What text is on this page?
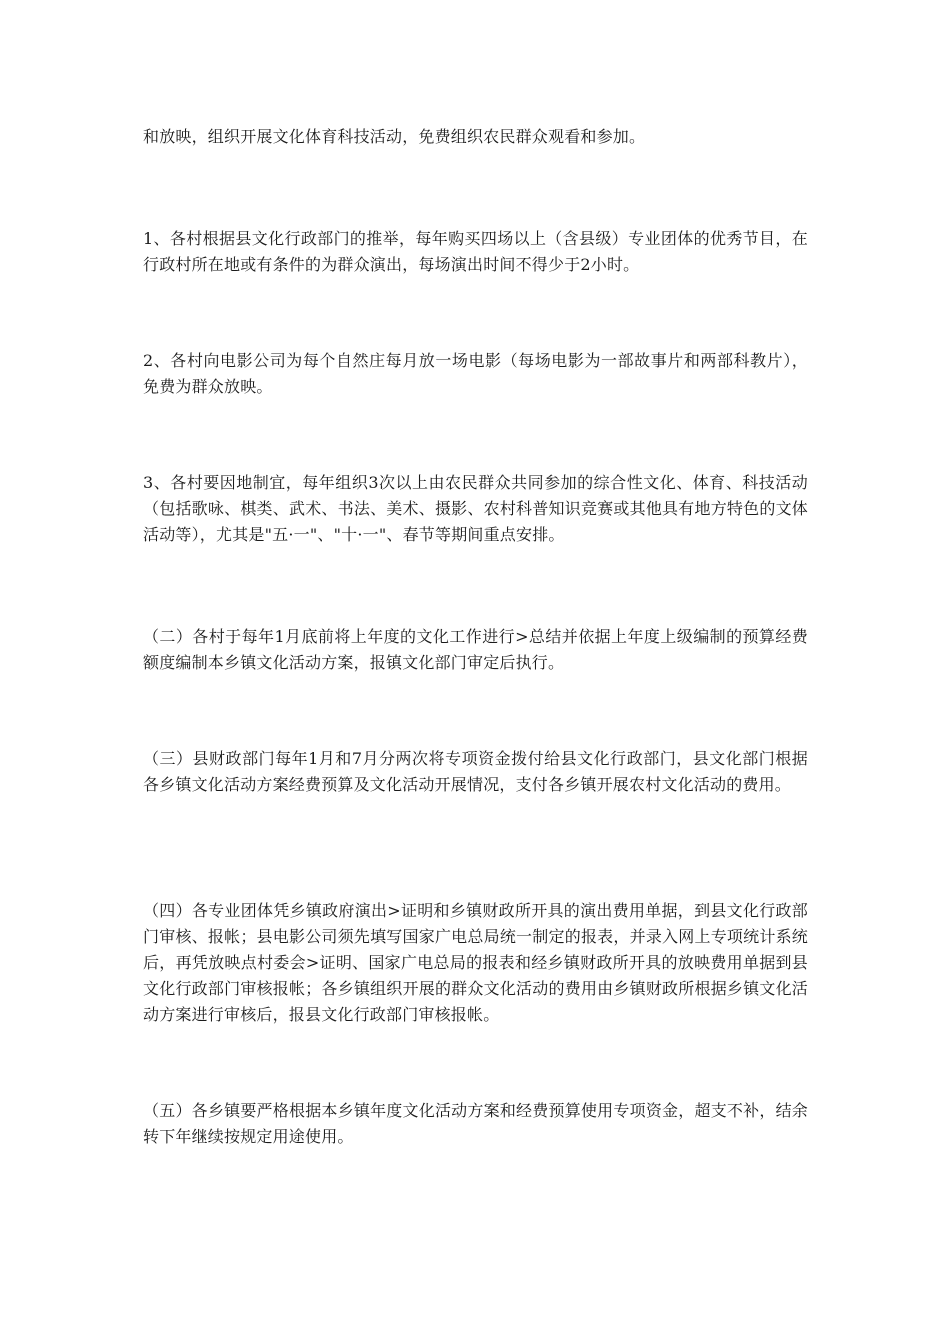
和放映，组织开展文化体育科技活动，免费组织农民群众观看和参加。

1、各村根据县文化行政部门的推举，每年购买四场以上（含县级）专业团体的优秀节目，在行政村所在地或有条件的为群众演出，每场演出时间不得少于2小时。

2、各村向电影公司为每个自然庄每月放一场电影（每场电影为一部故事片和两部科教片），免费为群众放映。

3、各村要因地制宜，每年组织3次以上由农民群众共同参加的综合性文化、体育、科技活动（包括歌咏、棋类、武术、书法、美术、摄影、农村科普知识竞赛或其他具有地方特色的文体活动等），尤其是"五·一"、"十·一"、春节等期间重点安排。

（二）各村于每年1月底前将上年度的文化工作进行>总结并依据上年度上级编制的预算经费额度编制本乡镇文化活动方案，报镇文化部门审定后执行。

（三）县财政部门每年1月和7月分两次将专项资金拨付给县文化行政部门，县文化部门根据各乡镇文化活动方案经费预算及文化活动开展情况，支付各乡镇开展农村文化活动的费用。

（四）各专业团体凭乡镇政府演出>证明和乡镇财政所开具的演出费用单据，到县文化行政部门审核、报帐；县电影公司须先填写国家广电总局统一制定的报表，并录入网上专项统计系统后，再凭放映点村委会>证明、国家广电总局的报表和经乡镇财政所开具的放映费用单据到县文化行政部门审核报帐；各乡镇组织开展的群众文化活动的费用由乡镇财政所根据乡镇文化活动方案进行审核后，报县文化行政部门审核报帐。

（五）各乡镇要严格根据本乡镇年度文化活动方案和经费预算使用专项资金，超支不补，结余转下年继续按规定用途使用。
